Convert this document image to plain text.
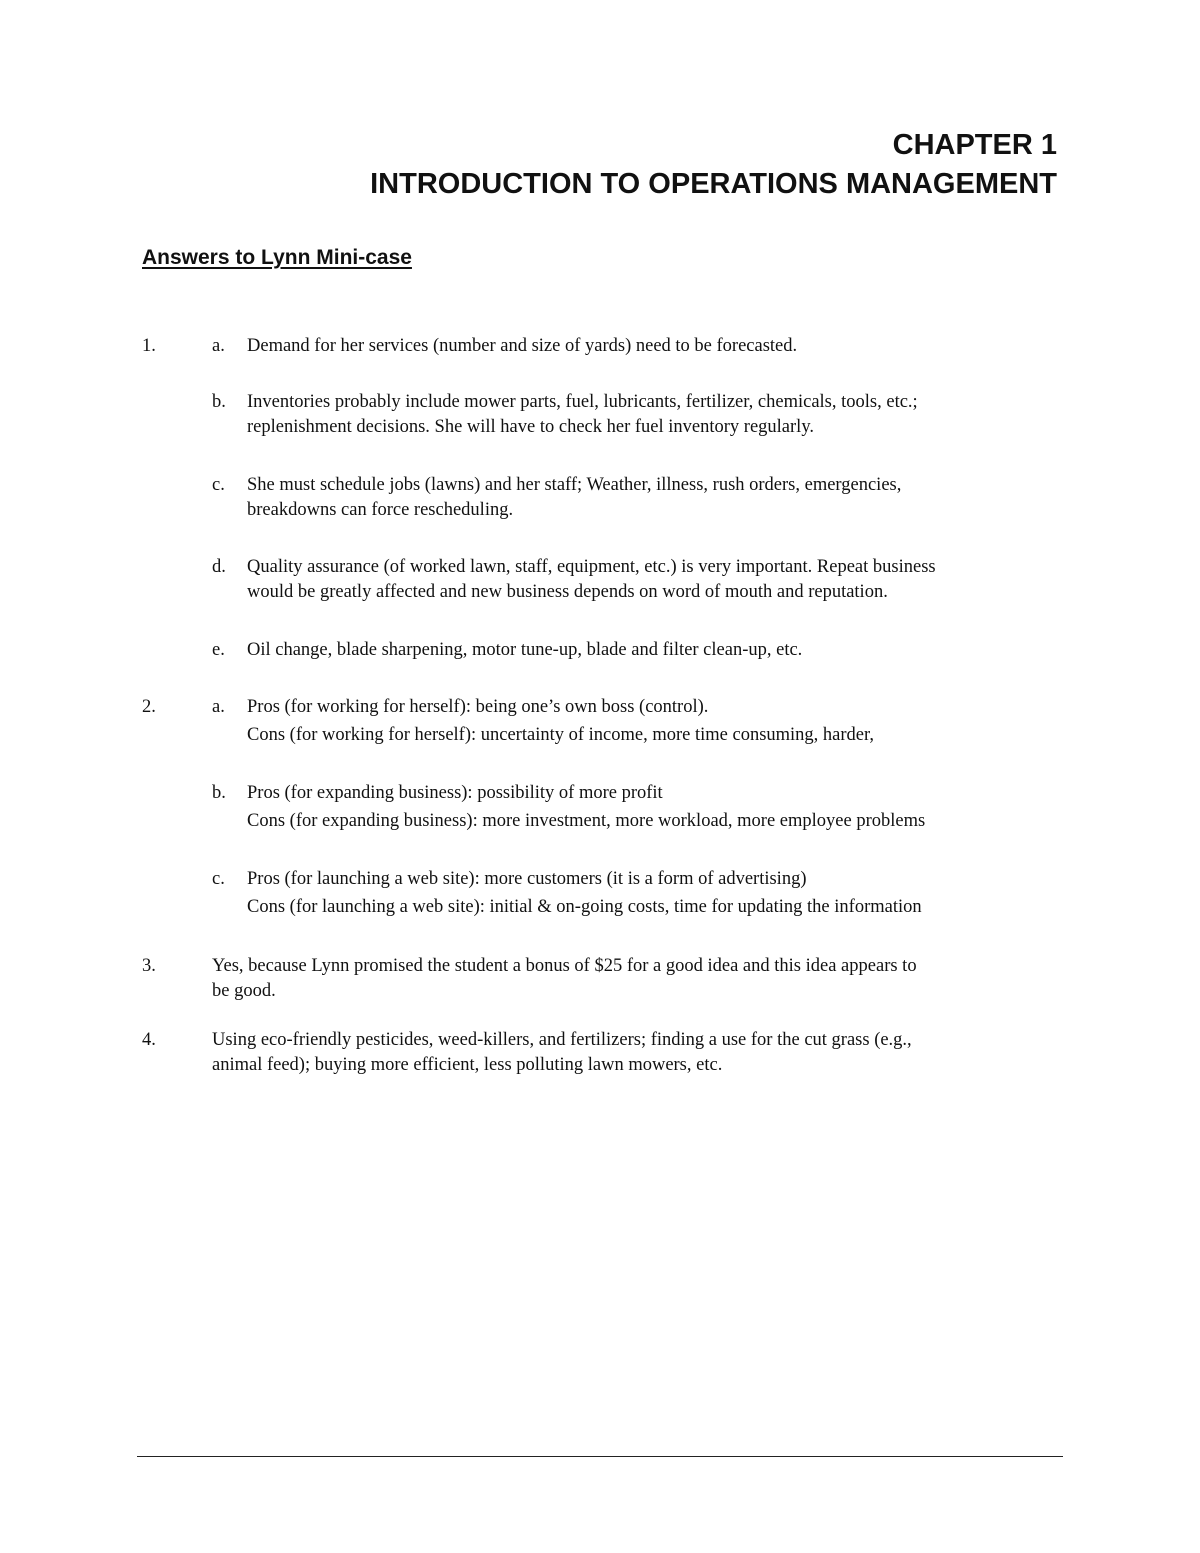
CHAPTER 1
INTRODUCTION TO OPERATIONS MANAGEMENT
Answers to Lynn Mini-case
1.	a. Demand for her services (number and size of yards) need to be forecasted.
b. Inventories probably include mower parts, fuel, lubricants, fertilizer, chemicals, tools, etc.;
replenishment decisions. She will have to check her fuel inventory regularly.
c. She must schedule jobs (lawns) and her staff; Weather, illness, rush orders, emergencies,
breakdowns can force rescheduling.
d. Quality assurance (of worked lawn, staff, equipment, etc.) is very important. Repeat business
would be greatly affected and new business depends on word of mouth and reputation.
e. Oil change, blade sharpening, motor tune-up, blade and filter clean-up, etc.
2.	a. Pros (for working for herself): being one’s own boss (control).
Cons (for working for herself): uncertainty of income, more time consuming, harder,
b. Pros (for expanding business): possibility of more profit
Cons (for expanding business): more investment, more workload, more employee problems
c. Pros (for launching a web site): more customers (it is a form of advertising)
Cons (for launching a web site): initial & on-going costs, time for updating the information
3.	Yes, because Lynn promised the student a bonus of $25 for a good idea and this idea appears to
be good.
4.	Using eco-friendly pesticides, weed-killers, and fertilizers; finding a use for the cut grass (e.g.,
animal feed); buying more efficient, less polluting lawn mowers, etc.
